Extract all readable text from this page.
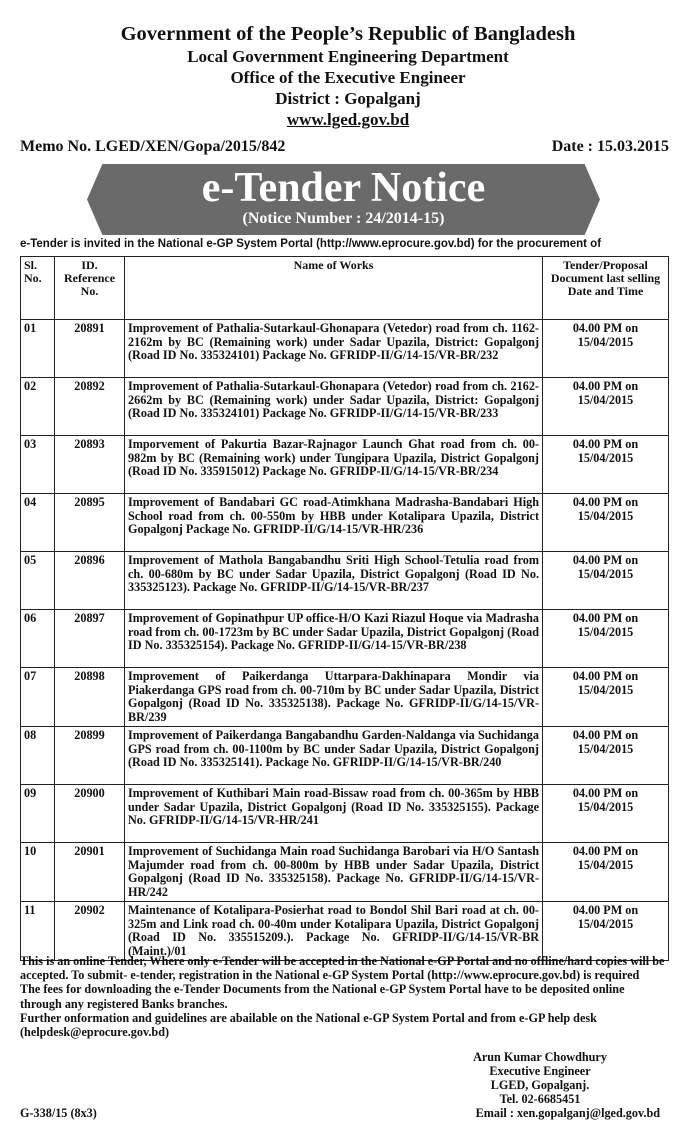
Government of the People’s Republic of Bangladesh
Local Government Engineering Department
Office of the Executive Engineer
District : Gopalganj
www.lged.gov.bd
Memo No. LGED/XEN/Gopa/2015/842	Date : 15.03.2015
e-Tender Notice
(Notice Number : 24/2014-15)
e-Tender is invited in the National e-GP System Portal (http://www.eprocure.gov.bd) for the procurement of
Sl. No.	ID. Reference No.	Name of Works	Tender/Proposal Document last selling Date and Time
01	20891	Improvement of Pathalia-Sutarkaul-Ghonapara (Vetedor) road from ch. 1162-2162m by BC (Remaining work) under Sadar Upazila, District: Gopalgonj (Road ID No. 335324101) Package No. GFRIDP-II/G/14-15/VR-BR/232	04.00 PM on
15/04/2015

02	20892	Improvement of Pathalia-Sutarkaul-Ghonapara (Vetedor) road from ch. 2162-2662m by BC (Remaining work) under Sadar Upazila, District: Gopalgonj (Road ID No. 335324101) Package No. GFRIDP-II/G/14-15/VR-BR/233	04.00 PM on
15/04/2015

03	20893	Imporvement of Pakurtia Bazar-Rajnagor Launch Ghat road from ch. 00-982m by BC (Remaining work) under Tungipara Upazila, District Gopalgonj (Road ID No. 335915012) Package No. GFRIDP-II/G/14-15/VR-BR/234	04.00 PM on
15/04/2015

04	20895	Improvement of Bandabari GC road-Atimkhana Madrasha-Bandabari High School road from ch. 00-550m by HBB under Kotalipara Upazila, District Gopalgonj Package No. GFRIDP-II/G/14-15/VR-HR/236	04.00 PM on
15/04/2015

05	20896	Improvement of Mathola Bangabandhu Sriti High School-Tetulia road from ch. 00-680m by BC under Sadar Upazila, District Gopalgonj (Road ID No. 335325123). Package No. GFRIDP-II/G/14-15/VR-BR/237	04.00 PM on
15/04/2015

06	20897	Improvement of Gopinathpur UP office-H/O Kazi Riazul Hoque via Madrasha road from ch. 00-1723m by BC under Sadar Upazila, District Gopalgonj (Road ID No. 335325154). Package No. GFRIDP-II/G/14-15/VR-BR/238	04.00 PM on
15/04/2015

07	20898	Improvement of Paikerdanga Uttarpara-Dakhinapara Mondir via Piakerdanga GPS road from ch. 00-710m by BC under Sadar Upazila, District Gopalgonj (Road ID No. 335325138). Package No. GFRIDP-II/G/14-15/VR-BR/239	04.00 PM on
15/04/2015

08	20899	Improvement of Paikerdanga Bangabandhu Garden-Naldanga via Suchidanga GPS road from ch. 00-1100m by BC under Sadar Upazila, District Gopalgonj (Road ID No. 335325141). Package No. GFRIDP-II/G/14-15/VR-BR/240	04.00 PM on
15/04/2015

09	20900	Improvement of Kuthibari Main road-Bissaw road from ch. 00-365m by HBB under Sadar Upazila, District Gopalgonj (Road ID No. 335325155). Package No. GFRIDP-II/G/14-15/VR-HR/241	04.00 PM on
15/04/2015

10	20901	Improvement of Suchidanga Main road Suchidanga Barobari via H/O Santash Majumder road from ch. 00-800m by HBB under Sadar Upazila, District Gopalgonj (Road ID No. 335325158). Package No. GFRIDP-II/G/14-15/VR-HR/242	04.00 PM on
15/04/2015

11	20902	Maintenance of Kotalipara-Posierhat road to Bondol Shil Bari road at ch. 00-325m and Link road ch. 00-40m under Kotalipara Upazila, District Gopalgonj (Road ID No. 335515209.). Package No. GFRIDP-II/G/14-15/VR-BR (Maint.)/01	04.00 PM on
15/04/2015

This is an online Tender, Where only e-Tender will be accepted in the National e-GP Portal and no offline/hard copies will be accepted. To submit- e-tender, registration in the National e-GP System Portal (http://www.eprocure.gov.bd) is required

The fees for downloading the e-Tender Documents from the National e-GP System Portal have to be deposited online through any registered Banks branches.

Further onformation and guidelines are abailable on the National e-GP System Portal and from e-GP help desk (helpdesk@eprocure.gov.bd)

Arun Kumar Chowdhury
Executive Engineer
LGED, Gopalganj.
Tel. 02-6685451
Email : xen.gopalganj@lged.gov.bd
G-338/15 (8x3)
